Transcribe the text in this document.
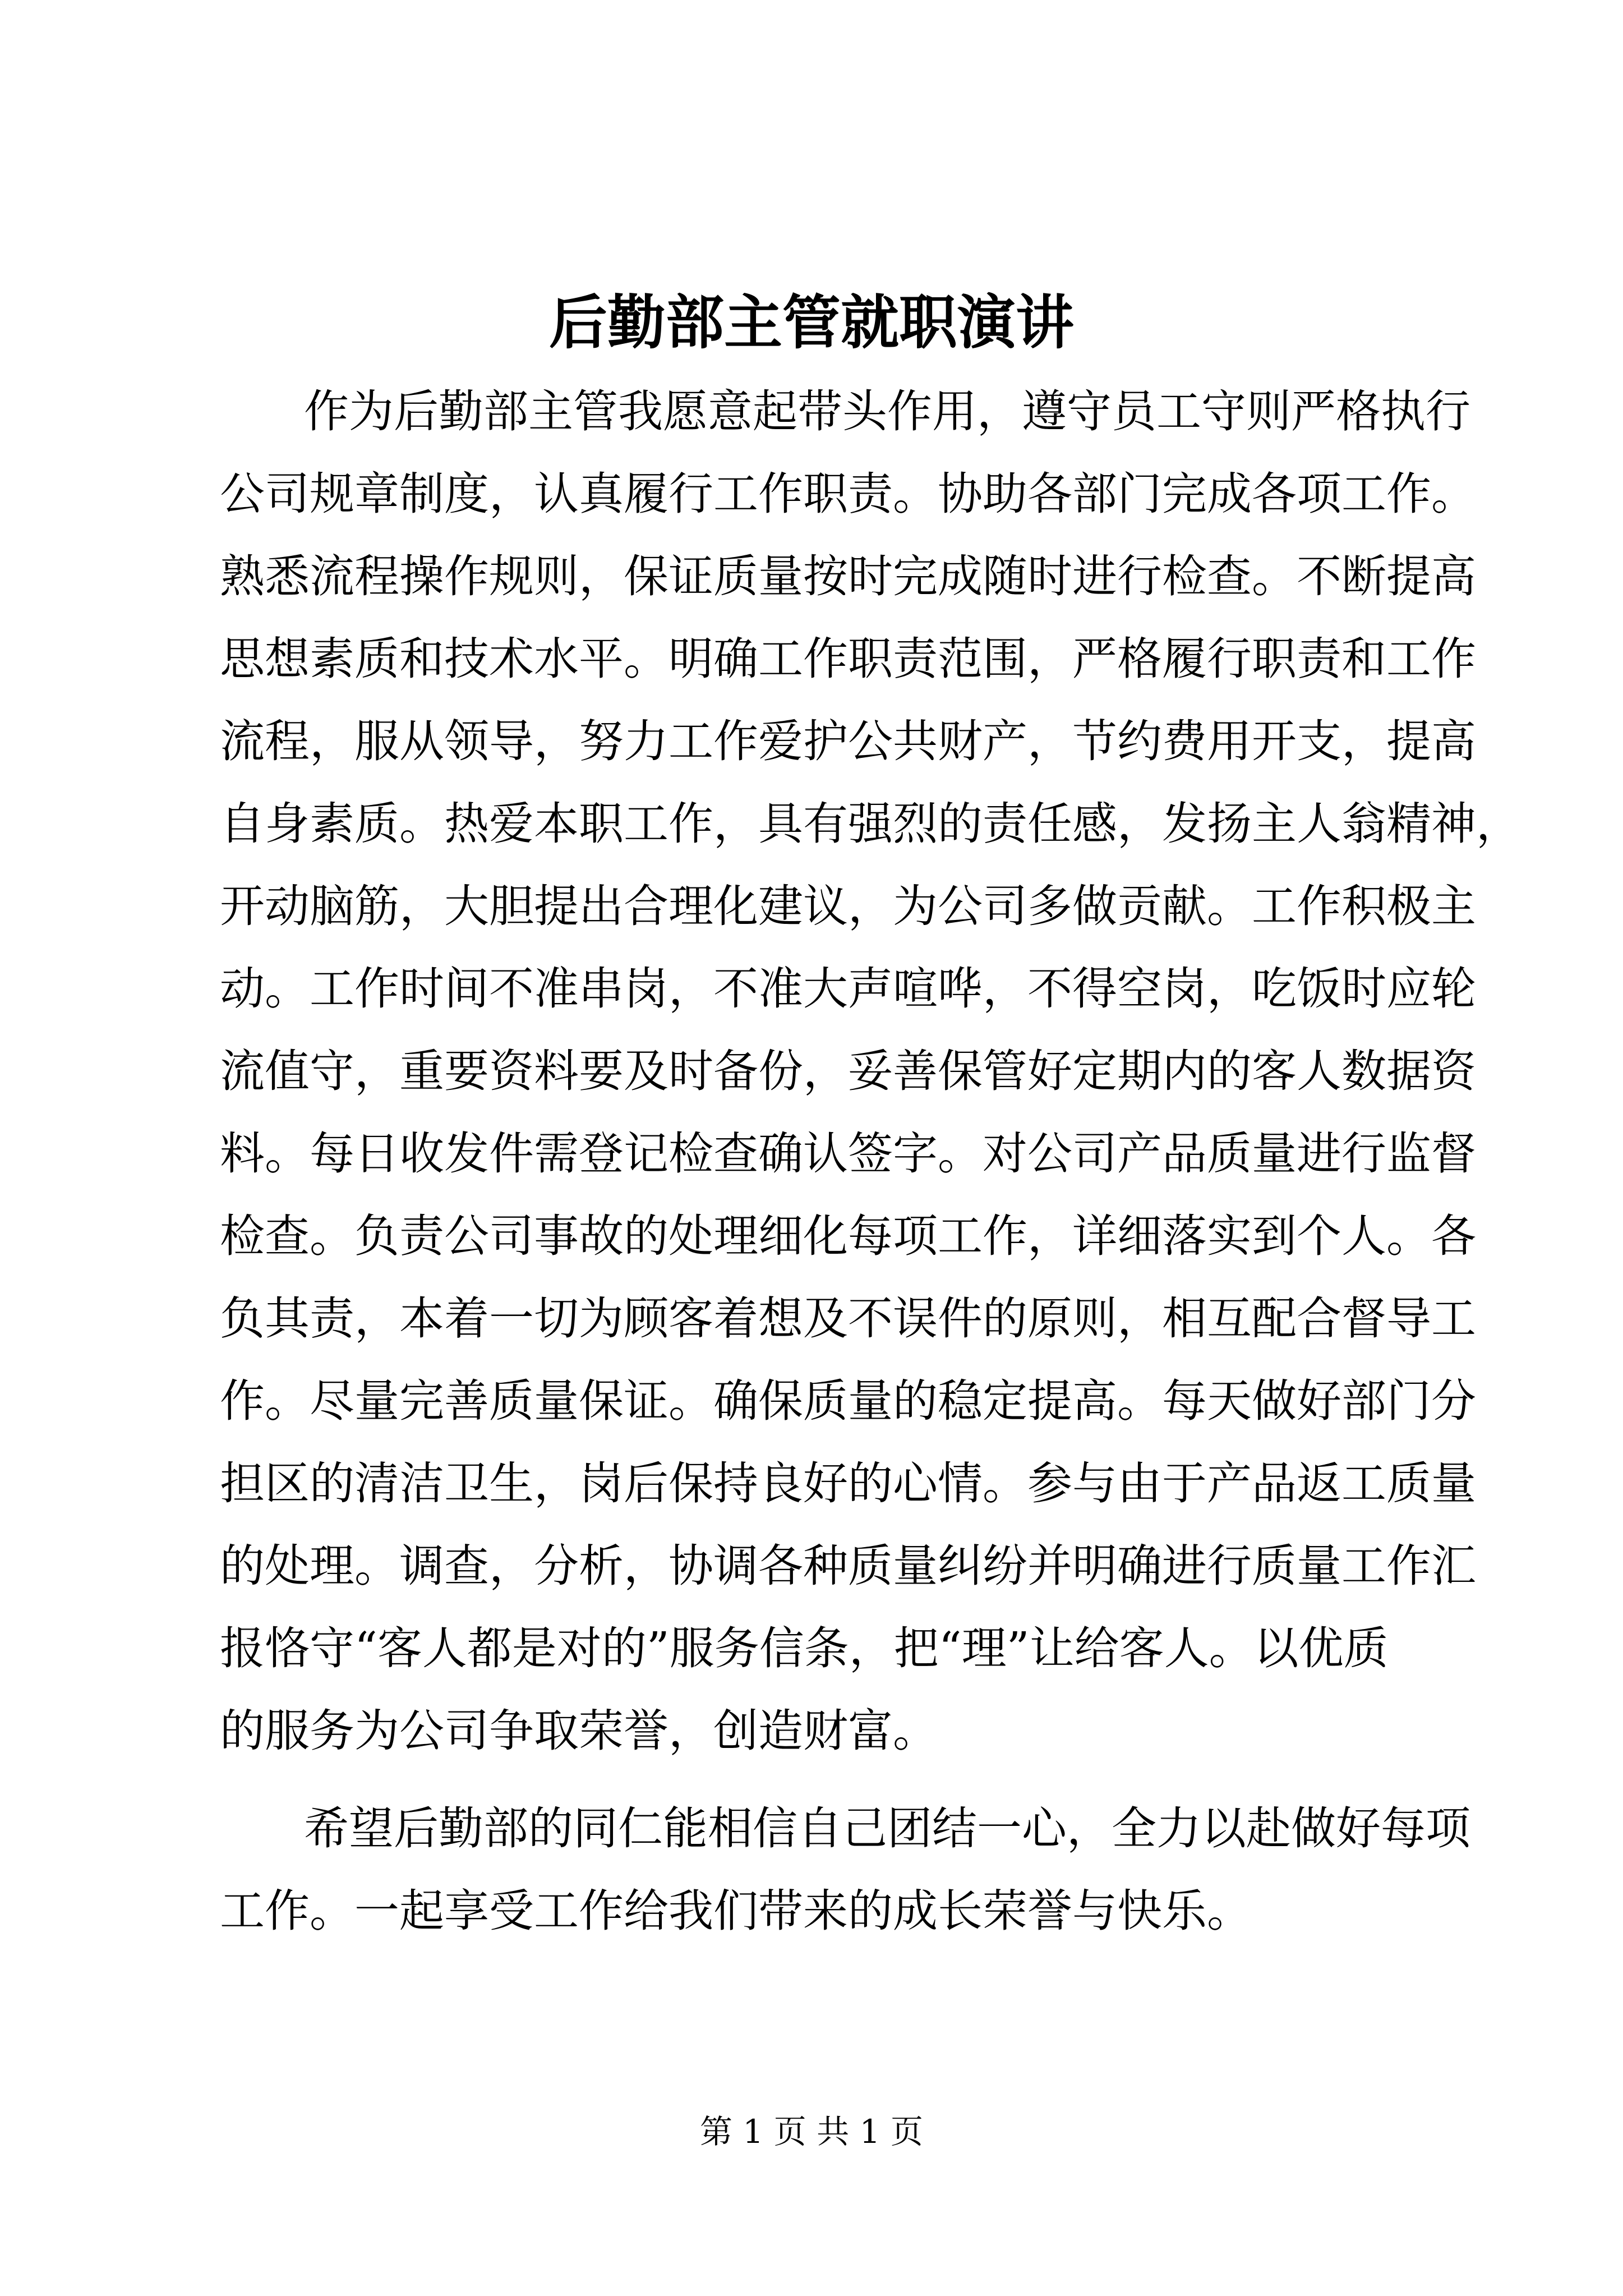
后勤部主管就职演讲
作为后勤部主管我愿意起带头作用，遵守员工守则严格执行
公司规章制度，认真履行工作职责。协助各部门完成各项工作。
熟悉流程操作规则，保证质量按时完成随时进行检查。不断提高
思想素质和技术水平。明确工作职责范围，严格履行职责和工作
流程，服从领导，努力工作爱护公共财产，节约费用开支，提高
自身素质。热爱本职工作，具有强烈的责任感，发扬主人翁精神，
开动脑筋，大胆提出合理化建议，为公司多做贡献。工作积极主
动。工作时间不准串岗，不准大声喧哗，不得空岗，吃饭时应轮
流值守，重要资料要及时备份，妥善保管好定期内的客人数据资
料。每日收发件需登记检查确认签字。对公司产品质量进行监督
检查。负责公司事故的处理细化每项工作，详细落实到个人。各
负其责，本着一切为顾客着想及不误件的原则，相互配合督导工
作。尽量完善质量保证。确保质量的稳定提高。每天做好部门分
担区的清洁卫生，岗后保持良好的心情。参与由于产品返工质量
的处理。调查，分析，协调各种质量纠纷并明确进行质量工作汇
报恪守“客人都是对的”服务信条，把“理”让给客人。以优质
的服务为公司争取荣誉，创造财富。
希望后勤部的同仁能相信自己团结一心，全力以赴做好每项
工作。一起享受工作给我们带来的成长荣誉与快乐。
第 1 页 共 1 页
